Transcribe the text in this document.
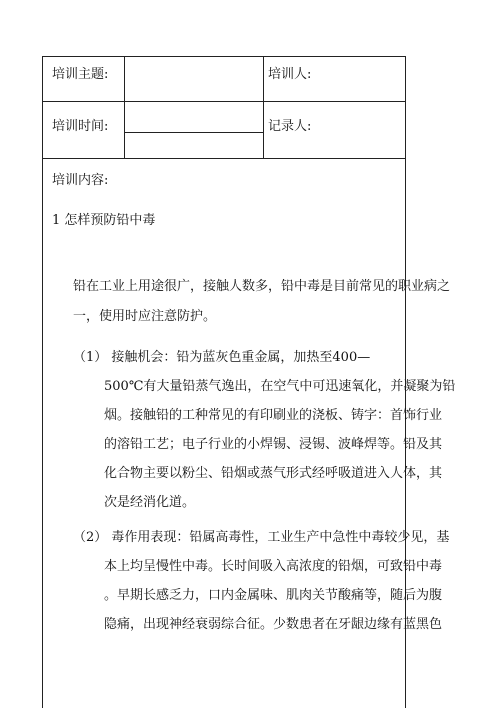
培训主题:	培训人:
培训时间:	记录人:
培训内容:
1 怎样预防铅中毒
铅在工业上用途很广，接触人数多，铅中毒是目前常见的职业病之
一，使用时应注意防护。
（1） 接触机会：铅为蓝灰色重金属，加热至400—
500℃有大量铅蒸气逸出，在空气中可迅速氧化，并凝聚为铅
烟。接触铅的工种常见的有印刷业的浇板、铸字：首饰行业
的溶铅工艺；电子行业的小焊锡、浸锡、波峰焊等。铅及其
化合物主要以粉尘、铅烟或蒸气形式经呼吸道进入人体，其
次是经消化道。
（2） 毒作用表现：铅属高毒性，工业生产中急性中毒较少见，基
本上均呈慢性中毒。长时间吸入高浓度的铅烟，可致铅中毒
。早期长感乏力，口内金属味、肌肉关节酸痛等，随后为腹
隐痛，出现神经衰弱综合征。少数患者在牙龈边缘有蓝黑色
